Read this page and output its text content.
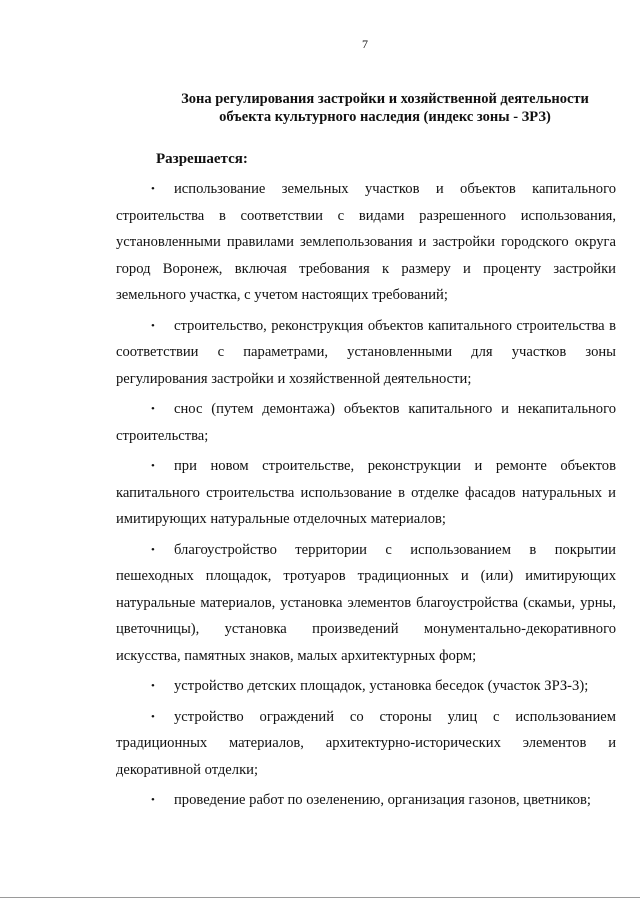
7
Зона регулирования застройки и хозяйственной деятельности
объекта культурного наследия (индекс зоны - ЗРЗ)
Разрешается:

• использование земельных участков и объектов капитального строительства в соответствии с видами разрешенного использования, установленными правилами землепользования и застройки городского округа город Воронеж, включая требования к размеру и проценту застройки земельного участка, с учетом настоящих требований;

• строительство, реконструкция объектов капитального строительства в соответствии с параметрами, установленными для участков зоны регулирования застройки и хозяйственной деятельности;

• снос (путем демонтажа) объектов капитального и некапитального строительства;

• при новом строительстве, реконструкции и ремонте объектов капитального строительства использование в отделке фасадов натуральных и имитирующих натуральные отделочных материалов;

• благоустройство территории с использованием в покрытии пешеходных площадок, тротуаров традиционных и (или) имитирующих натуральные материалов, установка элементов благоустройства (скамьи, урны, цветочницы), установка произведений монументально-декоративного искусства, памятных знаков, малых архитектурных форм;

• устройство детских площадок, установка беседок (участок ЗРЗ-3);

• устройство ограждений со стороны улиц с использованием традиционных материалов, архитектурно-исторических элементов и декоративной отделки;

• проведение работ по озеленению, организация газонов, цветников;
